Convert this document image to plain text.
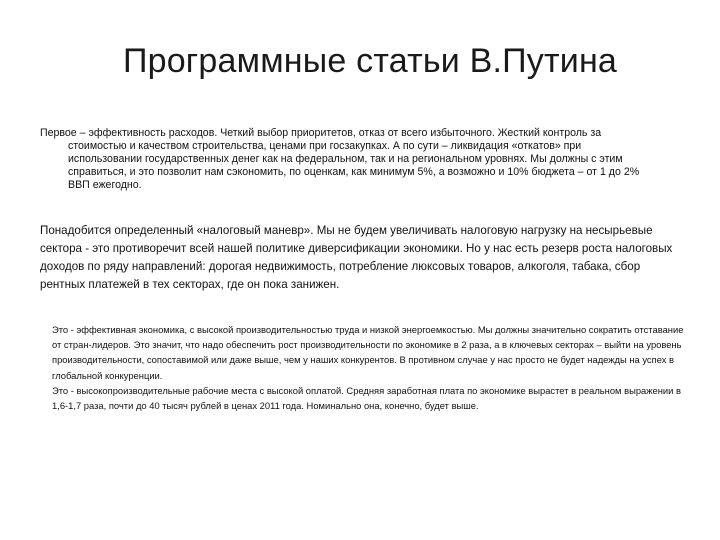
Программные статьи В.Путина

Первое – эффективность расходов. Четкий выбор приоритетов, отказ от всего избыточного. Жесткий контроль за стоимостью и качеством строительства, ценами при госзакупках. А по сути – ликвидация «откатов» при использовании государственных денег как на федеральном, так и на региональном уровнях. Мы должны с этим справиться, и это позволит нам сэкономить, по оценкам, как минимум 5%, а возможно и 10% бюджета – от 1 до 2% ВВП ежегодно.

Понадобится определенный «налоговый маневр». Мы не будем увеличивать налоговую нагрузку на несырьевые сектора - это противоречит всей нашей политике диверсификации экономики. Но у нас есть резерв роста налоговых доходов по ряду направлений: дорогая недвижимость, потребление люксовых товаров, алкоголя, табака, сбор рентных платежей в тех секторах, где он пока занижен.

Это - эффективная экономика, с высокой производительностью труда и низкой энергоемкостью. Мы должны значительно сократить отставание от стран-лидеров. Это значит, что надо обеспечить рост производительности по экономике в 2 раза, а в ключевых секторах – выйти на уровень производительности, сопоставимой или даже выше, чем у наших конкурентов. В противном случае у нас просто не будет надежды на успех в глобальной конкуренции.
Это - высокопроизводительные рабочие места с высокой оплатой. Средняя заработная плата по экономике вырастет в реальном выражении в 1,6-1,7 раза, почти до 40 тысяч рублей в ценах 2011 года. Номинально она, конечно, будет выше.
